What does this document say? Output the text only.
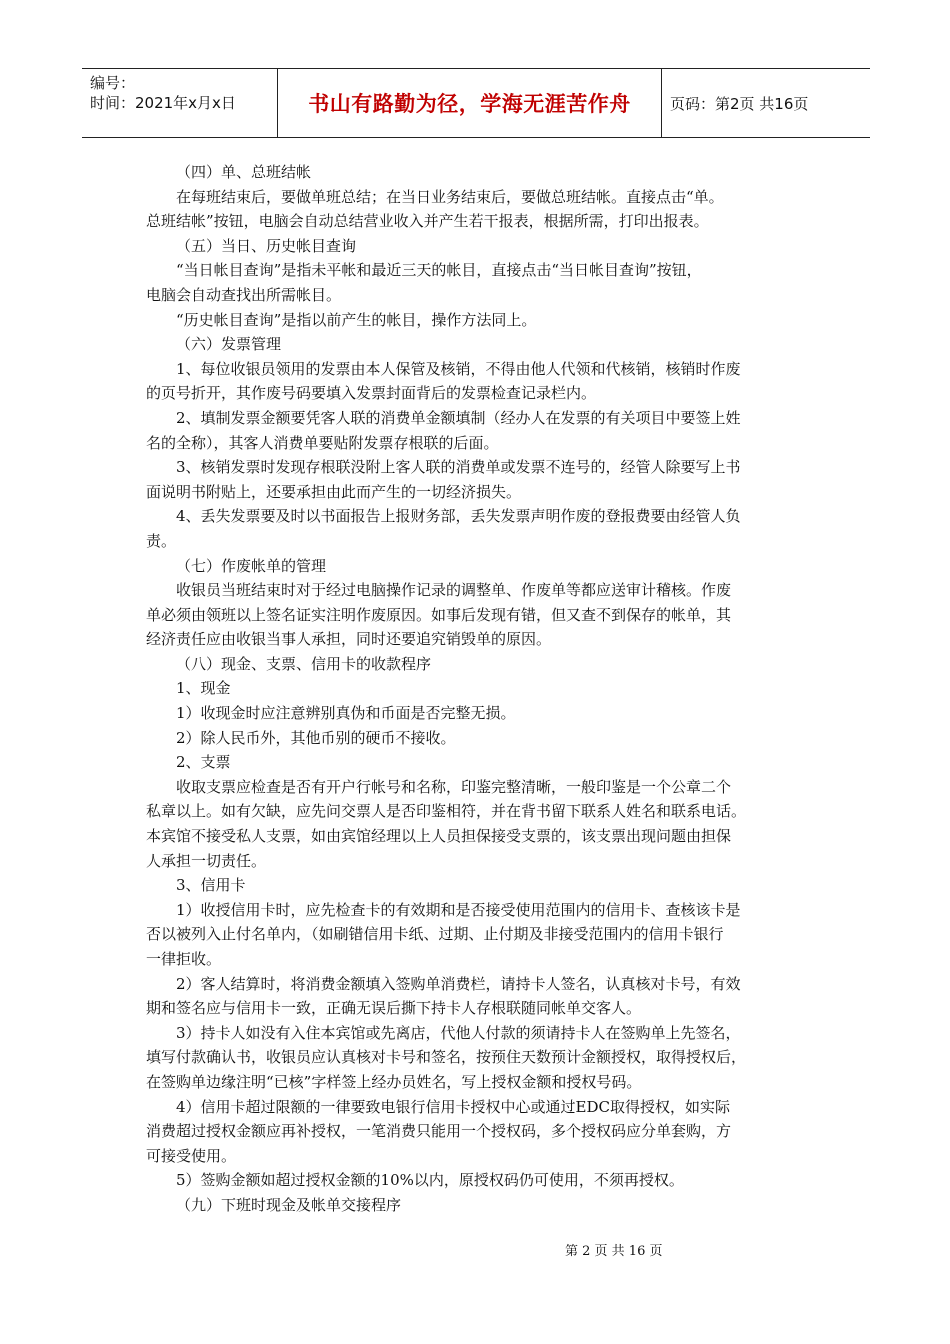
编号：
时间：2021年x月x日	书山有路勤为径，学海无涯苦作舟	页码：第2页 共16页

（四）单、总班结帐

在每班结束后，要做单班总结；在当日业务结束后，要做总班结帐。直接点击“单。

总班结帐”按钮，电脑会自动总结营业收入并产生若干报表，根据所需，打印出报表。

（五）当日、历史帐目查询

“当日帐目查询”是指未平帐和最近三天的帐目，直接点击“当日帐目查询”按钮，

电脑会自动查找出所需帐目。

“历史帐目查询”是指以前产生的帐目，操作方法同上。

（六）发票管理

1、每位收银员领用的发票由本人保管及核销，不得由他人代领和代核销，核销时作废

的页号折开，其作废号码要填入发票封面背后的发票检查记录栏内。

2、填制发票金额要凭客人联的消费单金额填制（经办人在发票的有关项目中要签上姓

名的全称），其客人消费单要贴附发票存根联的后面。

3、核销发票时发现存根联没附上客人联的消费单或发票不连号的，经管人除要写上书

面说明书附贴上，还要承担由此而产生的一切经济损失。

4、丢失发票要及时以书面报告上报财务部，丢失发票声明作废的登报费要由经管人负

责。

（七）作废帐单的管理

收银员当班结束时对于经过电脑操作记录的调整单、作废单等都应送审计稽核。作废

单必须由领班以上签名证实注明作废原因。如事后发现有错，但又查不到保存的帐单，其

经济责任应由收银当事人承担，同时还要追究销毁单的原因。

（八）现金、支票、信用卡的收款程序

1、现金

1）收现金时应注意辨别真伪和币面是否完整无损。

2）除人民币外，其他币别的硬币不接收。

2、支票

收取支票应检查是否有开户行帐号和名称，印鉴完整清晰，一般印鉴是一个公章二个

私章以上。如有欠缺，应先问交票人是否印鉴相符，并在背书留下联系人姓名和联系电话。

本宾馆不接受私人支票，如由宾馆经理以上人员担保接受支票的，该支票出现问题由担保

人承担一切责任。

3、信用卡

1）收授信用卡时，应先检查卡的有效期和是否接受使用范围内的信用卡、查核该卡是

否以被列入止付名单内，（如刷错信用卡纸、过期、止付期及非接受范围内的信用卡银行

一律拒收。

2）客人结算时，将消费金额填入签购单消费栏，请持卡人签名，认真核对卡号，有效

期和签名应与信用卡一致，正确无误后撕下持卡人存根联随同帐单交客人。

3）持卡人如没有入住本宾馆或先离店，代他人付款的须请持卡人在签购单上先签名，

填写付款确认书，收银员应认真核对卡号和签名，按预住天数预计金额授权，取得授权后，

在签购单边缘注明“已核”字样签上经办员姓名，写上授权金额和授权号码。

4）信用卡超过限额的一律要致电银行信用卡授权中心或通过EDC取得授权，如实际

消费超过授权金额应再补授权，一笔消费只能用一个授权码，多个授权码应分单套购，方

可接受使用。

5）签购金额如超过授权金额的10%以内，原授权码仍可使用，不须再授权。

（九）下班时现金及帐单交接程序

第 2 页 共 16 页
